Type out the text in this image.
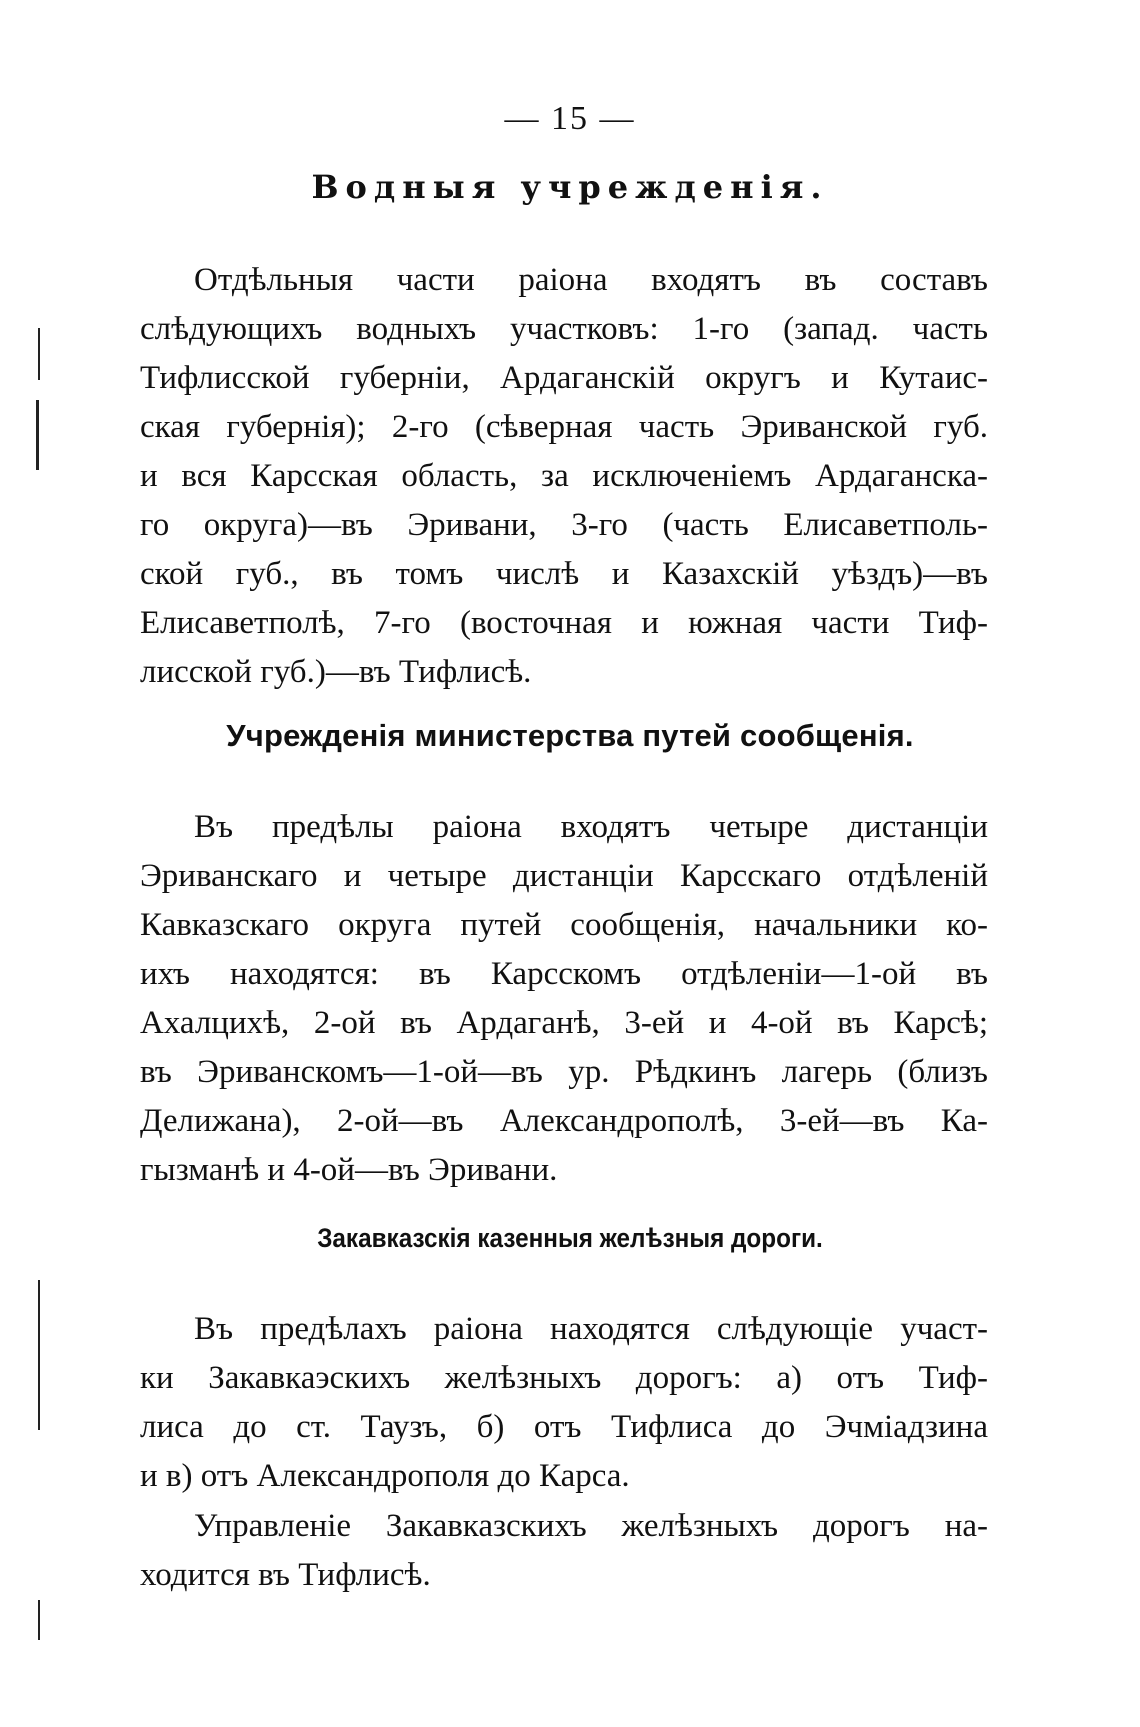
— 15 —
Водныя учрежденія.
Отдѣльныя части раіона входятъ въ составъ
слѣдующихъ водныхъ участковъ: 1-го (запад. часть
Тифлисской губерніи, Ардаганскій округъ и Кутаис-
ская губернія); 2-го (сѣверная часть Эриванской губ.
и вся Карсская область, за исключеніемъ Ардаганска-
го округа)—въ Эривани, 3-го (часть Елисаветполь-
ской губ., въ томъ числѣ и Казахскій уѣздъ)—въ
Елисаветполѣ, 7-го (восточная и южная части Тиф-
лисской губ.)—въ Тифлисѣ.
Учрежденія министерства путей сообщенія.
Въ предѣлы раіона входятъ четыре дистанціи
Эриванскаго и четыре дистанціи Карсскаго отдѣленій
Кавказскаго округа путей сообщенія, начальники ко-
ихъ находятся: въ Карсскомъ отдѣленіи—1-ой въ
Ахалцихѣ, 2-ой въ Ардаганѣ, 3-ей и 4-ой въ Карсѣ;
въ Эриванскомъ—1-ой—въ ур. Рѣдкинъ лагерь (близъ
Делижана), 2-ой—въ Александрополѣ, 3-ей—въ Ка-
гызманѣ и 4-ой—въ Эривани.
Закавказскія казенныя желѣзныя дороги.
Въ предѣлахъ раіона находятся слѣдующіе участ-
ки Закавкаэскихъ желѣзныхъ дорогъ: а) отъ Тиф-
лиса до ст. Таузъ, б) отъ Тифлиса до Эчміадзина
и в) отъ Александрополя до Карса.
Управленіе Закавказскихъ желѣзныхъ дорогъ на-
ходится въ Тифлисѣ.
